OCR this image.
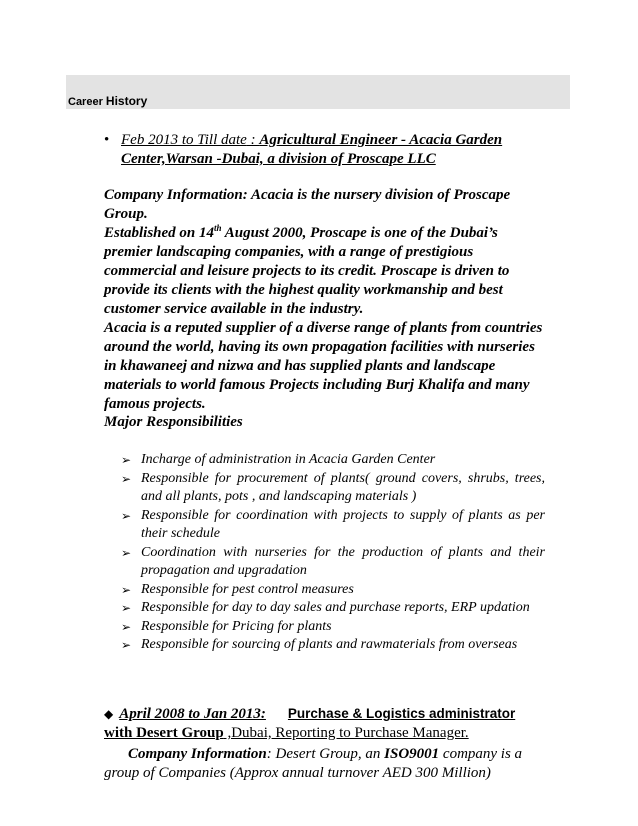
Career History
• Feb 2013 to Till date : Agricultural Engineer - Acacia Garden Center,Warsan -Dubai, a division of Proscape LLC
Company Information: Acacia is the nursery division of Proscape Group.
Established on 14th August 2000, Proscape is one of the Dubai’s premier landscaping companies, with a range of prestigious commercial and leisure projects to its credit. Proscape is driven to provide its clients with the highest quality workmanship and best customer service available in the industry.
Acacia is a reputed supplier of a diverse range of plants from countries around the world, having its own propagation facilities with nurseries in khawaneej and nizwa and has supplied plants and landscape materials to world famous Projects including Burj Khalifa and many famous projects.
Major Responsibilities
➢ Incharge of administration in Acacia Garden Center
➢ Responsible for procurement of plants( ground covers, shrubs, trees, and all plants, pots , and landscaping materials )
➢ Responsible for coordination with projects to supply of plants as per their schedule
➢ Coordination with nurseries for the production of plants and their propagation and upgradation
➢ Responsible for pest control measures
➢ Responsible for day to day sales and purchase reports, ERP updation
➢ Responsible for Pricing for plants
➢ Responsible for sourcing of plants and rawmaterials from overseas
◆ April 2008 to Jan 2013: Purchase & Logistics administrator
with Desert Group ,Dubai, Reporting to Purchase Manager.
Company Information: Desert Group, an ISO9001 company is a group of Companies (Approx annual turnover AED 300 Million)
